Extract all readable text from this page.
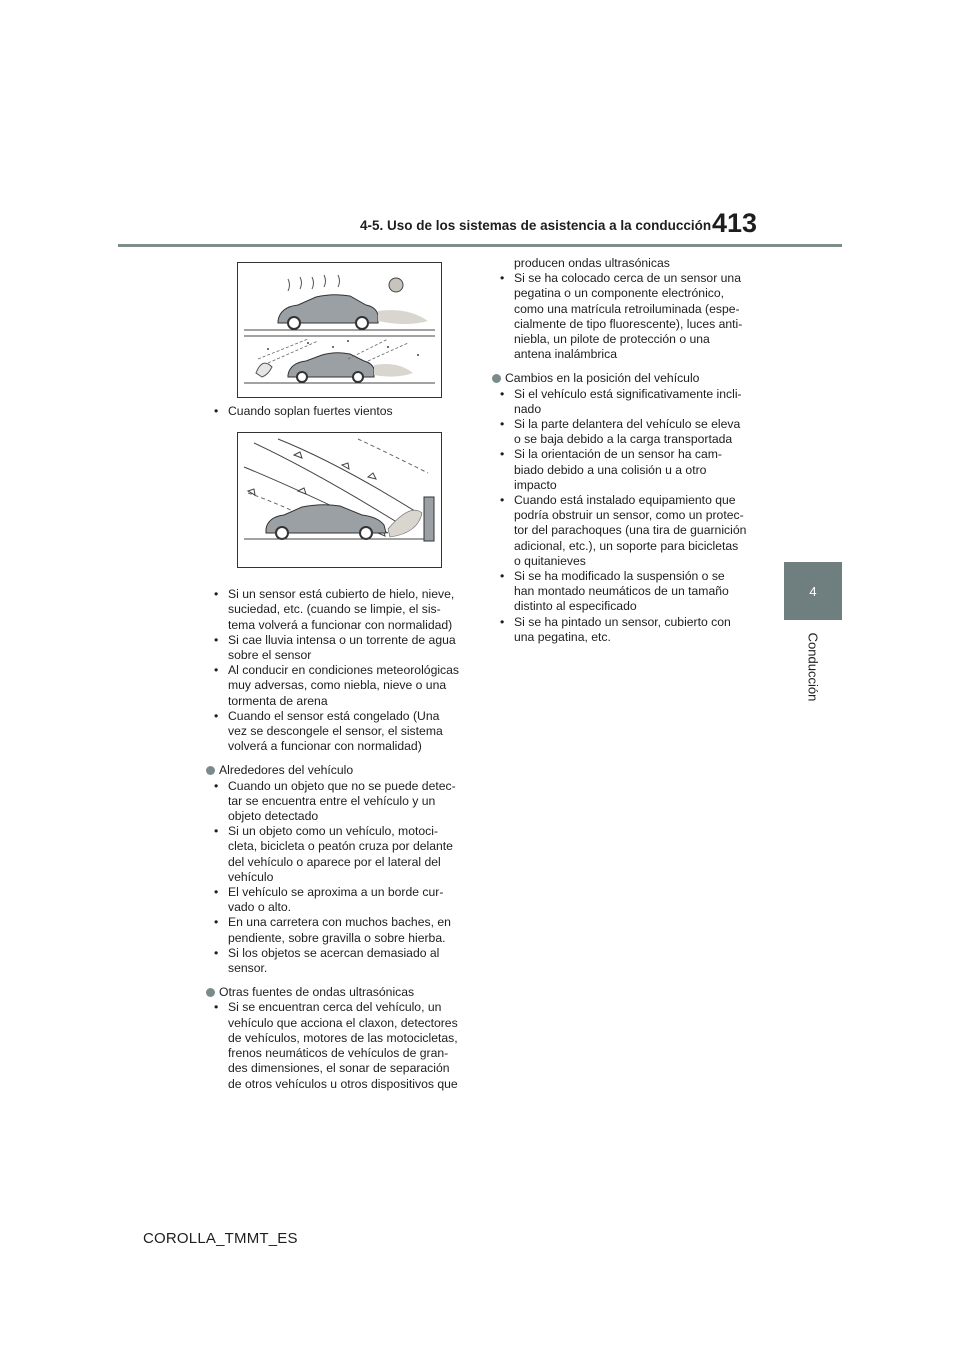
4-5. Uso de los sistemas de asistencia a la conducción 413
4
Conducción
• Cuando soplan fuertes vientos
• Si un sensor está cubierto de hielo, nieve, suciedad, etc. (cuando se limpie, el sis-
tema volverá a funcionar con normalidad)
• Si cae lluvia intensa o un torrente de agua
sobre el sensor
• Al conducir en condiciones meteorológicas
muy adversas, como niebla, nieve o una
tormenta de arena
• Cuando el sensor está congelado (Una
vez se descongele el sensor, el sistema
volverá a funcionar con normalidad)
Alrededores del vehículo
• Cuando un objeto que no se puede detec-
tar se encuentra entre el vehículo y un
objeto detectado
• Si un objeto como un vehículo, motoci-
cleta, bicicleta o peatón cruza por delante
del vehículo o aparece por el lateral del
vehículo
• El vehículo se aproxima a un borde cur-
vado o alto.
• En una carretera con muchos baches, en
pendiente, sobre gravilla o sobre hierba.
• Si los objetos se acercan demasiado al
sensor.
Otras fuentes de ondas ultrasónicas
• Si se encuentran cerca del vehículo, un
vehículo que acciona el claxon, detectores
de vehículos, motores de las motocicletas,
frenos neumáticos de vehículos de gran-
des dimensiones, el sonar de separación
de otros vehículos u otros dispositivos que
producen ondas ultrasónicas
• Si se ha colocado cerca de un sensor una
pegatina o un componente electrónico,
como una matrícula retroiluminada (espe-
cialmente de tipo fluorescente), luces anti-
niebla, un pilote de protección o una
antena inalámbrica
Cambios en la posición del vehículo
• Si el vehículo está significativamente incli-
nado
• Si la parte delantera del vehículo se eleva
o se baja debido a la carga transportada
• Si la orientación de un sensor ha cam-
biado debido a una colisión u a otro
impacto
• Cuando está instalado equipamiento que
podría obstruir un sensor, como un protec-
tor del parachoques (una tira de guarnición
adicional, etc.), un soporte para bicicletas
o quitanieves
• Si se ha modificado la suspensión o se
han montado neumáticos de un tamaño
distinto al especificado
• Si se ha pintado un sensor, cubierto con
una pegatina, etc.
COROLLA_TMMT_ES
